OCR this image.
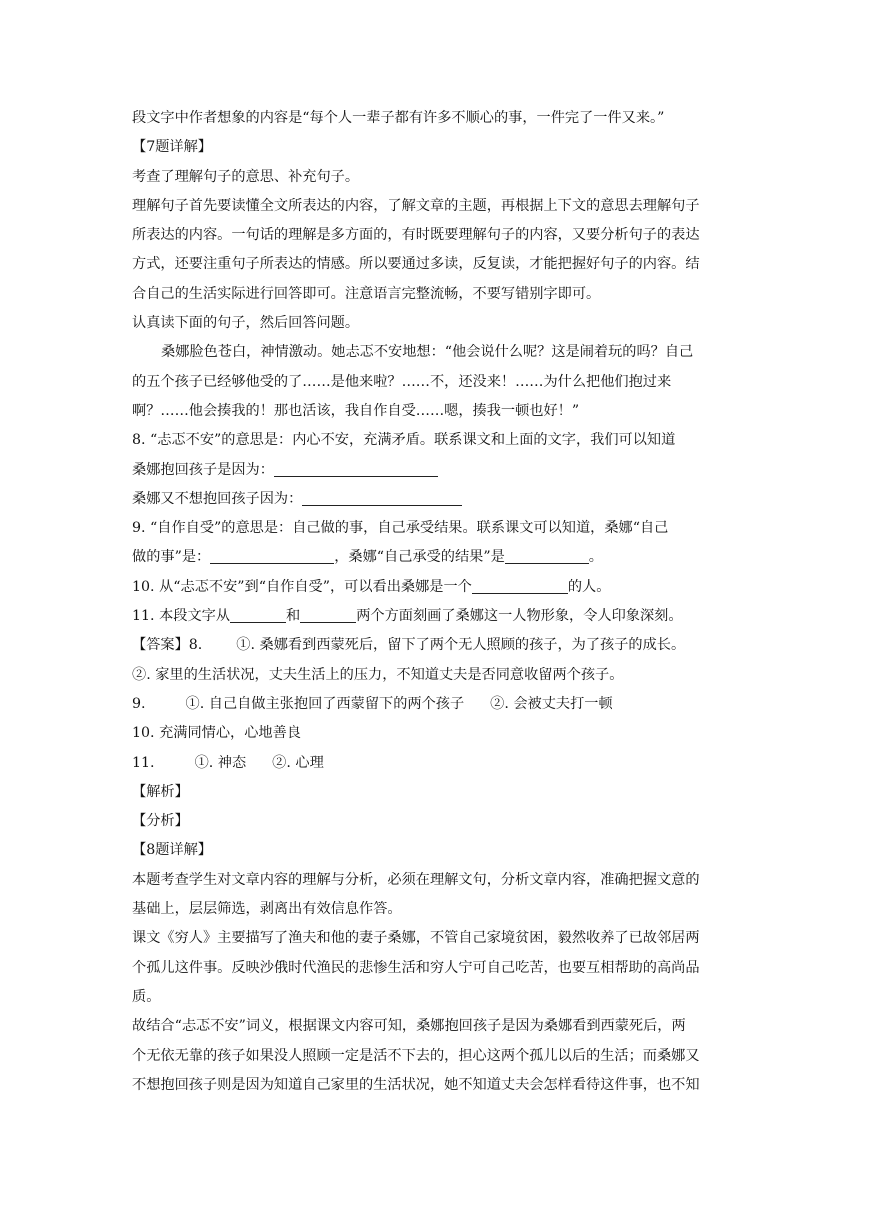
段文字中作者想象的内容是“每个人一辈子都有许多不顺心的事，一件完了一件又来。”
【7题详解】
考查了理解句子的意思、补充句子。
理解句子首先要读懂全文所表达的内容，了解文章的主题，再根据上下文的意思去理解句子
所表达的内容。一句话的理解是多方面的，有时既要理解句子的内容，又要分析句子的表达
方式，还要注重句子所表达的情感。所以要通过多读，反复读，才能把握好句子的内容。结
合自己的生活实际进行回答即可。注意语言完整流畅，不要写错别字即可。
认真读下面的句子，然后回答问题。
桑娜脸色苍白，神情激动。她忐忑不安地想：“他会说什么呢？这是闹着玩的吗？自己
的五个孩子已经够他受的了……是他来啦？……不，还没来！……为什么把他们抱过来
啊？……他会揍我的！那也活该，我自作自受……嗯，揍我一顿也好！”
8. “忐忑不安”的意思是：内心不安，充满矛盾。联系课文和上面的文字，我们可以知道
桑娜抱回孩子是因为：
桑娜又不想抱回孩子因为：
9. “自作自受”的意思是：自己做的事，自己承受结果。联系课文可以知道，桑娜“自己
做的事”是：	，桑娜“自己承受的结果”是	。
10. 从“忐忑不安”到“自作自受”，可以看出桑娜是一个	的人。
11. 本段文字从	和	两个方面刻画了桑娜这一人物形象，令人印象深刻。
【答案】8. ①. 桑娜看到西蒙死后，留下了两个无人照顾的孩子，为了孩子的成长。
②. 家里的生活状况，丈夫生活上的压力，不知道丈夫是否同意收留两个孩子。
9.	①. 自己自做主张抱回了西蒙留下的两个孩子 ②. 会被丈夫打一顿
10. 充满同情心，心地善良
11.	①. 神态 ②. 心理
【解析】
【分析】
【8题详解】
本题考查学生对文章内容的理解与分析，必须在理解文句，分析文章内容，准确把握文意的
基础上，层层筛选，剥离出有效信息作答。
课文《穷人》主要描写了渔夫和他的妻子桑娜，不管自己家境贫困，毅然收养了已故邻居两
个孤儿这件事。反映沙俄时代渔民的悲惨生活和穷人宁可自己吃苦，也要互相帮助的高尚品
质。
故结合“忐忑不安”词义，根据课文内容可知，桑娜抱回孩子是因为桑娜看到西蒙死后，两
个无依无靠的孩子如果没人照顾一定是活不下去的，担心这两个孤儿以后的生活；而桑娜又
不想抱回孩子则是因为知道自己家里的生活状况，她不知道丈夫会怎样看待这件事，也不知
